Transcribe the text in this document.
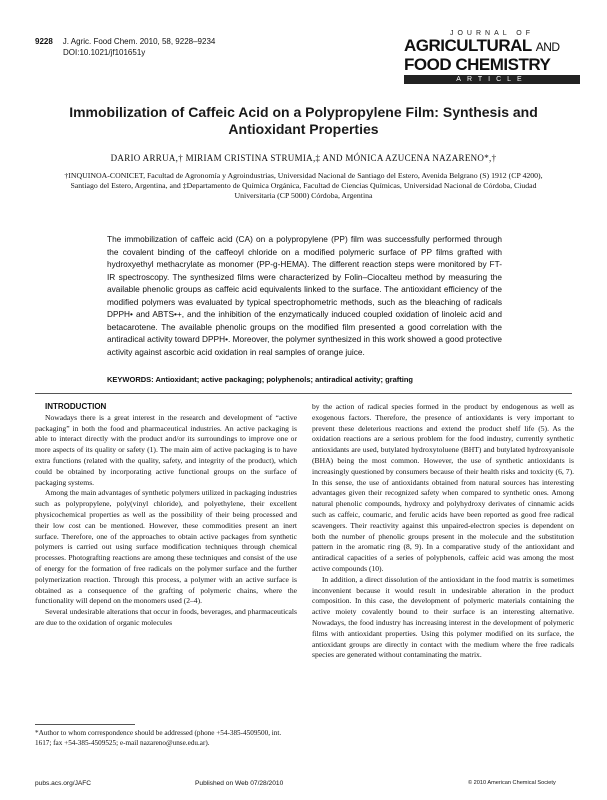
9228 J. Agric. Food Chem. 2010, 58, 9228–9234
DOI:10.1021/jf101651y
JOURNAL OF
AGRICULTURAL AND
FOOD CHEMISTRY
ARTICLE
Immobilization of Caffeic Acid on a Polypropylene Film: Synthesis and Antioxidant Properties
DARIO ARRUA,† MIRIAM CRISTINA STRUMIA,‡ AND MÓNICA AZUCENA NAZARENO*,†
†INQUINOA-CONICET, Facultad de Agronomía y Agroindustrias, Universidad Nacional de Santiago del Estero, Avenida Belgrano (S) 1912 (CP 4200), Santiago del Estero, Argentina, and ‡Departamento de Química Orgánica, Facultad de Ciencias Químicas, Universidad Nacional de Córdoba, Ciudad Universitaria (CP 5000) Córdoba, Argentina
The immobilization of caffeic acid (CA) on a polypropylene (PP) film was successfully performed through the covalent binding of the caffeoyl chloride on a modified polymeric surface of PP films grafted with hydroxyethyl methacrylate as monomer (PP-g-HEMA). The different reaction steps were monitored by FT-IR spectroscopy. The synthesized films were characterized by Folin–Ciocalteu method by measuring the available phenolic groups as caffeic acid equivalents linked to the surface. The antioxidant efficiency of the modified polymers was evaluated by typical spectrophometric methods, such as the bleaching of radicals DPPH• and ABTS•+, and the inhibition of the enzymatically induced coupled oxidation of linoleic acid and betacarotene. The available phenolic groups on the modified film presented a good correlation with the antiradical activity toward DPPH•. Moreover, the polymer synthesized in this work showed a good protective activity against ascorbic acid oxidation in real samples of orange juice.
KEYWORDS: Antioxidant; active packaging; polyphenols; antiradical activity; grafting

INTRODUCTION

Nowadays there is a great interest in the research and development of “active packaging” in both the food and pharmaceutical industries. An active packaging is able to interact directly with the product and/or its surroundings to improve one or more aspects of its quality or safety (1). The main aim of active packaging is to have extra functions (related with the quality, safety, and integrity of the product), which could be obtained by incorporating active functional groups on the surface of packaging systems.

Among the main advantages of synthetic polymers utilized in packaging industries such as polypropylene, poly(vinyl chloride), and polyethylene, their excellent physicochemical properties as well as the possibility of their being processed and their low cost can be mentioned. However, these commodities present an inert surface. Therefore, one of the approaches to obtain active packages from synthetic polymers is carried out using surface modification techniques through chemical processes. Photografting reactions are among these techniques and consist of the use of energy for the formation of free radicals on the polymer surface and the further polymerization reaction. Through this process, a polymer with an active surface is obtained as a consequence of the grafting of polymeric chains, where the functionality will depend on the monomers used (2–4).

Several undesirable alterations that occur in foods, beverages, and pharmaceuticals are due to the oxidation of organic molecules

by the action of radical species formed in the product by endogenous as well as exogenous factors. Therefore, the presence of antioxidants is very important to prevent these deleterious reactions and extend the product shelf life (5). As the oxidation reactions are a serious problem for the food industry, currently synthetic antioxidants are used, butylated hydroxytoluene (BHT) and butylated hydroxyanisole (BHA) being the most common. However, the use of synthetic antioxidants is increasingly questioned by consumers because of their health risks and toxicity (6, 7). In this sense, the use of antioxidants obtained from natural sources has interesting advantages given their recognized safety when compared to synthetic ones. Among natural phenolic compounds, hydroxy and polyhydroxy derivates of cinnamic acids such as caffeic, coumaric, and ferulic acids have been reported as good free radical scavengers. Their reactivity against this unpaired-electron species is dependent on both the number of phenolic groups present in the molecule and the substitution pattern in the aromatic ring (8, 9). In a comparative study of the antioxidant and antiradical capacities of a series of polyphenols, caffeic acid was among the most active compounds (10).

In addition, a direct dissolution of the antioxidant in the food matrix is sometimes inconvenient because it would result in undesirable alteration in the product composition. In this case, the development of polymeric materials containing the active moiety covalently bound to their surface is an interesting alternative. Nowadays, the food industry has increasing interest in the development of polymeric films with antioxidant properties. Using this polymer modified on its surface, the antioxidant groups are directly in contact with the medium where the free radicals species are generated without contaminating the matrix.

*Author to whom correspondence should be addressed (phone +54-385-4509500, int. 1617; fax +54-385-4509525; e-mail nazareno@unse.edu.ar).
pubs.acs.org/JAFC	Published on Web 07/28/2010	© 2010 American Chemical Society
